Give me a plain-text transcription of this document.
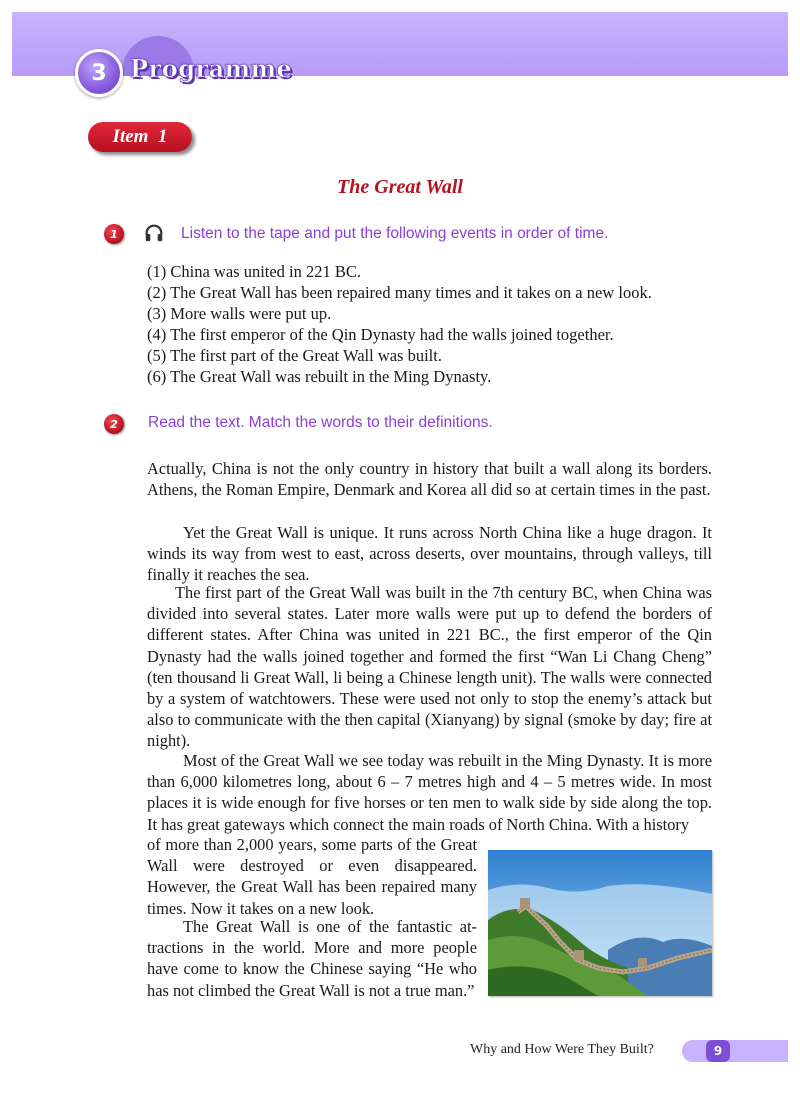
3 Programme
Item  1
The Great Wall
1	Listen to the tape and put the following events in order of time.
(1) China was united in 221 BC.
(2) The Great Wall has been repaired many times and it takes on a new look.
(3) More walls were put up.
(4) The first emperor of the Qin Dynasty had the walls joined together.
(5) The first part of the Great Wall was built.
(6) The Great Wall was rebuilt in the Ming Dynasty.
2 Read the text. Match the words to their definitions.

Actually, China is not the only country in history that built a wall along its borders. Athens, the Roman Empire, Denmark and Korea all did so at certain times in the past.

Yet the Great Wall is unique. It runs across North China like a huge dragon. It winds its way from west to east, across deserts, over mountains, through valleys, till finally it reaches the sea.

The first part of the Great Wall was built in the 7th century BC, when China was divided into several states. Later more walls were put up to defend the borders of different states. After China was united in 221 BC., the first emperor of the Qin Dynasty had the walls joined together and formed the first “Wan Li Chang Cheng” (ten thousand li Great Wall, li being a Chinese length unit). The walls were connected by a system of watchtowers. These were used not only to stop the enemy’s attack but also to communicate with the then capital (Xianyang) by signal (smoke by day; fire at night).

Most of the Great Wall we see today was rebuilt in the Ming Dynasty. It is more than 6,000 kilometres long, about 6 – 7 metres high and 4 – 5 metres wide. In most places it is wide enough for five horses or ten men to walk side by side along the top. It has great gateways which connect the main roads of North China. With a history

of more than 2,000 years, some parts of the Great Wall were destroyed or even disappeared. However, the Great Wall has been repaired many times. Now it takes on a new look.

The Great Wall is one of the fantastic attractions in the world. More and more people have come to know the Chinese saying “He who has not climbed the Great Wall is not a true man.”

Why and How Were They Built?	9
